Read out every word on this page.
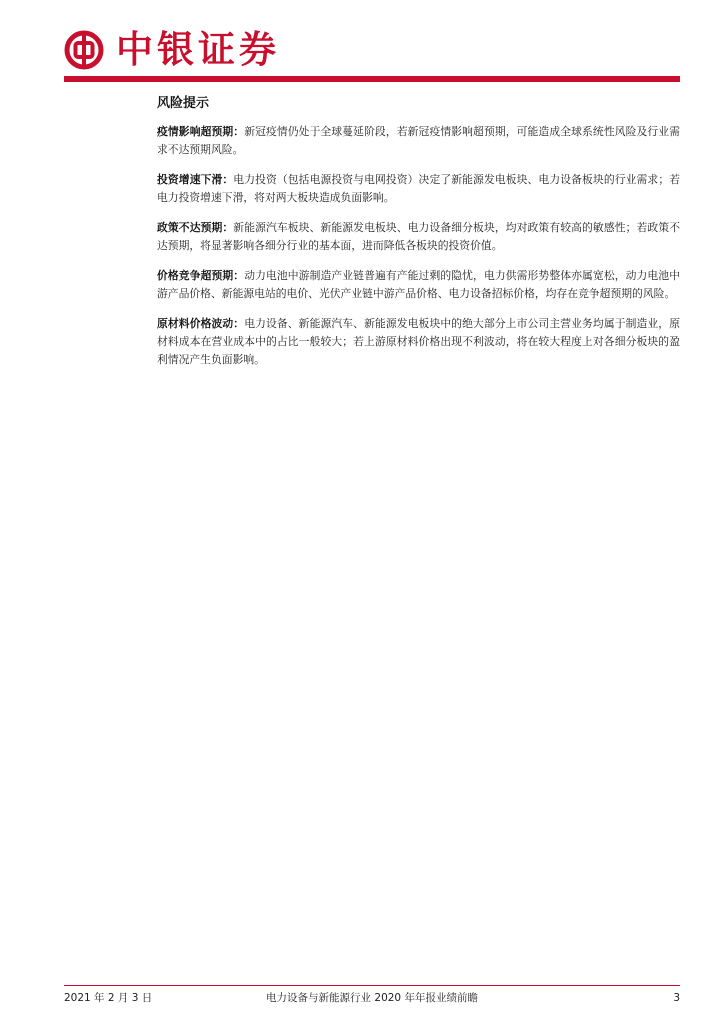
中银证券
风险提示

疫情影响超预期：新冠疫情仍处于全球蔓延阶段，若新冠疫情影响超预期，可能造成全球系统性风险及行业需求不达预期风险。

投资增速下滑：电力投资（包括电源投资与电网投资）决定了新能源发电板块、电力设备板块的行业需求；若电力投资增速下滑，将对两大板块造成负面影响。

政策不达预期：新能源汽车板块、新能源发电板块、电力设备细分板块，均对政策有较高的敏感性；若政策不达预期，将显著影响各细分行业的基本面，进而降低各板块的投资价值。

价格竞争超预期：动力电池中游制造产业链普遍有产能过剩的隐忧，电力供需形势整体亦属宽松，动力电池中游产品价格、新能源电站的电价、光伏产业链中游产品价格、电力设备招标价格，均存在竞争超预期的风险。

原材料价格波动：电力设备、新能源汽车、新能源发电板块中的绝大部分上市公司主营业务均属于制造业，原材料成本在营业成本中的占比一般较大；若上游原材料价格出现不利波动，将在较大程度上对各细分板块的盈利情况产生负面影响。

2021 年 2 月 3 日	电力设备与新能源行业 2020 年年报业绩前瞻	3
